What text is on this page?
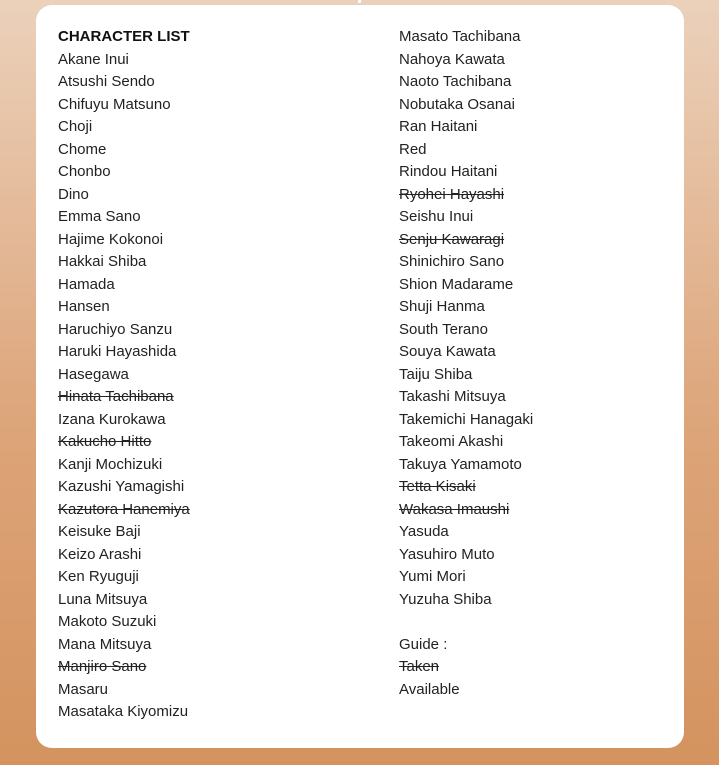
CHARACTER LIST
Akane Inui
Atsushi Sendo
Chifuyu Matsuno
Choji
Chome
Chonbo
Dino
Emma Sano
Hajime Kokonoi
Hakkai Shiba
Hamada
Hansen
Haruchiyo Sanzu
Haruki Hayashida
Hasegawa
Hinata Tachibana
Izana Kurokawa
Kakucho Hitto
Kanji Mochizuki
Kazushi Yamagishi
Kazutora Hanemiya
Keisuke Baji
Keizo Arashi
Ken Ryuguji
Luna Mitsuya
Makoto Suzuki
Mana Mitsuya
Manjiro Sano
Masaru
Masataka Kiyomizu
Masato Tachibana
Nahoya Kawata
Naoto Tachibana
Nobutaka Osanai
Ran Haitani
Red
Rindou Haitani
Ryohei Hayashi
Seishu Inui
Senju Kawaragi
Shinichiro Sano
Shion Madarame
Shuji Hanma
South Terano
Souya Kawata
Taiju Shiba
Takashi Mitsuya
Takemichi Hanagaki
Takeomi Akashi
Takuya Yamamoto
Tetta Kisaki
Wakasa Imaushi
Yasuda
Yasuhiro Muto
Yumi Mori
Yuzuha Shiba
Guide :
Taken
Available
